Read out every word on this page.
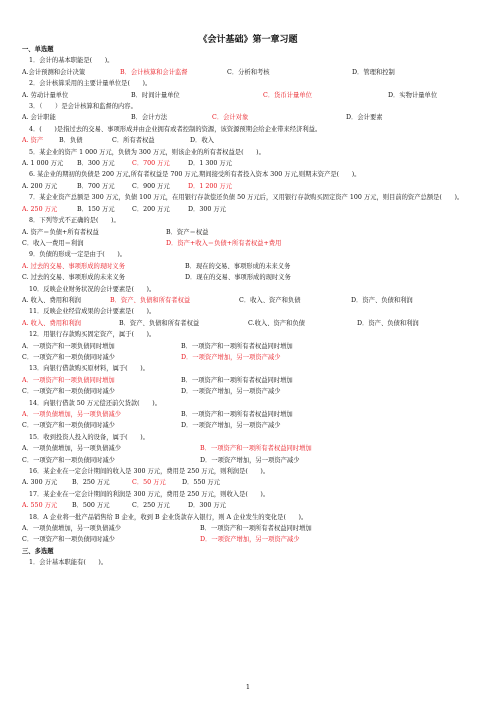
《会计基础》第一章习题
一、单选题
1．会计的基本职能是(　　)。
A.会计预测和会计决策	B．会计核算和会计监督	C．分析和考核	D．管理和控制
2．会计核算采用的主要计量单位是(　　)。
A. 劳动计量单位	B．时间计量单位	C．货币计量单位	D．实物计量单位
3．（　　）是会计核算和监督的内容。
A. 会计职能	B．会计方法	C．会计对象	D．会计要素
4．(　　)是指过去的交易、事项形成并由企业拥有或者控制的资源，该资源预期会给企业带来经济利益。
A. 资产	B．负债	C．所有者权益	D．收入
5．某企业的资产 1 000 万元，负债为 300 万元，则该企业的所有者权益是(　　)。
A. 1 000 万元 B．300 万元	C．700 万元	D．1 300 万元
6. 某企业的期初的负债是 200 万元,所有者权益是 700 万元,期间接受所有者投入资本 300 万元,则期末资产是(　　)。
A. 200 万元	B．700 万元	C．900 万元	D．1 200 万元
7．某企业资产总额是 300 万元，负债 100 万元，在用银行存款偿还负债 50 万元后，又用银行存款购买固定资产 100 万元，则目前的资产总额是(　　)。
A. 250 万元	B．150 万元	C．200 万元	D．300 万元
8．下列等式不正确的是(　　)。
A. 资产＝负债+所有者权益	B．资产＝权益
C．收入一费用＝利润	D．资产+收入＝负债+所有者权益+费用
9．负债的形成一定是由于(　　)。
A. 过去的交易、事项形成的现时义务	B．现在的交易、事项形成的未来义务
C. 过去的交易、事项形成的未来义务	D．现在的交易、事项形成的现时义务
10．反映企业财务状况的会计要素是(　　)。
A. 收入、费用和利润	B．资产、负债和所有者权益	C．收入、资产和负债	D．资产、负债和利润
11．反映企业经营成果的会计要素是(　　)。
A. 收入、费用和利润	B．资产、负债和所有者权益	C.收入、资产和负债	D．资产、负债和利润
12．用银行存款购买固定资产，属于(　　)。
A．一项资产和一项负债同时增加	B．一项资产和一项所有者权益同时增加
C．一项资产和一项负债同时减少	D．一项资产增加，另一项资产减少
13．向银行借款购买原材料，属于(　　)。
A．一项资产和一项负债同时增加	B．一项资产和一项所有者权益同时增加
C．一项资产和一项负债同时减少	D．一项资产增加，另一项资产减少
14．向银行借款 50 万元偿还前欠货款(　　)。
A．一项负债增加，另一项负债减少	B．一项资产和一项所有者权益同时增加
C．一项资产和一项负债同时减少	D．一项资产增加，另一项资产减少
15．收到投资人投入的设备，属于(　　)。
A．一项负债增加，另一项负债减少	B．一项资产和一项所有者权益同时增加
C．一项资产和一项负债同时减少	D．一项资产增加，另一项资产减少
16．某企业在一定会计期间的收入是 300 万元，费用是 250 万元，则利润是(　　)。
A. 300 万元 B．250 万元	C．50 万元	D．550 万元
17．某企业在一定会计期间的利润是 300 万元，费用是 250 万元，则收入是(　　)。
A. 550 万元 B．500 万元	C．250 万元	D．300 万元
18．A 企业将一批产品销售给 B 企业，收到 B 企业货款存入银行，则 A 企业发生的变化是(　　)。
A．一项负债增加，另一项负债减少	B．一项资产和一项所有者权益同时增加
C．一项资产和一项负债同时减少	D．一项资产增加，另一项资产减少
三、多选题
1．会计基本职能有(　　)。
1
